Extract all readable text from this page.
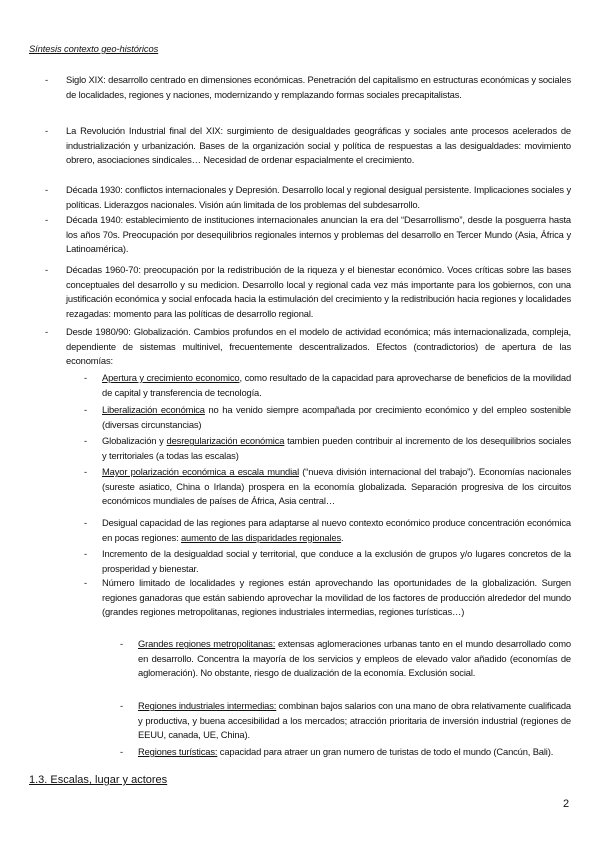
Síntesis contexto geo-históricos
- Siglo XIX: desarrollo centrado en dimensiones económicas. Penetración del capitalismo en estructuras económicas y sociales de localidades, regiones y naciones, modernizando y remplazando formas sociales precapitalistas.
- La Revolución Industrial final del XIX: surgimiento de desigualdades geográficas y sociales ante procesos acelerados de industrialización y urbanización. Bases de la organización social y política de respuestas a las desigualdades: movimiento obrero, asociaciones sindicales… Necesidad de ordenar espacialmente el crecimiento.
- Década 1930: conflictos internacionales y Depresión. Desarrollo local y regional desigual persistente. Implicaciones sociales y políticas. Liderazgos nacionales. Visión aún limitada de los problemas del subdesarrollo.
- Década 1940: establecimiento de instituciones internacionales anuncian la era del “Desarrollismo”, desde la posguerra hasta los años 70s. Preocupación por desequilibrios regionales internos y problemas del desarrollo en Tercer Mundo (Asia, África y Latinoamérica).
- Décadas 1960-70: preocupación por la redistribución de la riqueza y el bienestar económico. Voces críticas sobre las bases conceptuales del desarrollo y su medicion. Desarrollo local y regional cada vez más importante para los gobiernos, con una justificación económica y social enfocada hacia la estimulación del crecimiento y la redistribución hacia regiones y localidades rezagadas: momento para las políticas de desarrollo regional.
- Desde 1980/90: Globalización. Cambios profundos en el modelo de actividad económica; más internacionalizada, compleja, dependiente de sistemas multinivel, frecuentemente descentralizados. Efectos (contradictorios) de apertura de las economías:
- Apertura y crecimiento economico, como resultado de la capacidad para aprovecharse de beneficios de la movilidad de capital y transferencia de tecnología.
- Liberalización económica no ha venido siempre acompañada por crecimiento económico y del empleo sostenible (diversas circunstancias)
- Globalización y desregularización económica tambien pueden contribuir al incremento de los desequilibrios sociales y territoriales (a todas las escalas)
- Mayor polarización económica a escala mundial (“nueva división internacional del trabajo”). Economías nacionales (sureste asiatico, China o Irlanda) prospera en la economía globalizada. Separación progresiva de los circuitos económicos mundiales de países de África, Asia central…
- Desigual capacidad de las regiones para adaptarse al nuevo contexto económico produce concentración económica en pocas regiones: aumento de las disparidades regionales.
- Incremento de la desigualdad social y territorial, que conduce a la exclusión de grupos y/o lugares concretos de la prosperidad y bienestar.
- Número limitado de localidades y regiones están aprovechando las oportunidades de la globalización. Surgen regiones ganadoras que están sabiendo aprovechar la movilidad de los factores de producción alrededor del mundo (grandes regiones metropolitanas, regiones industriales intermedias, regiones turísticas…)
- Grandes regiones metropolitanas: extensas aglomeraciones urbanas tanto en el mundo desarrollado como en desarrollo. Concentra la mayoría de los servicios y empleos de elevado valor añadido (economías de aglomeración). No obstante, riesgo de dualización de la economía. Exclusión social.
- Regiones industriales intermedias: combinan bajos salarios con una mano de obra relativamente cualificada y productiva, y buena accesibilidad a los mercados; atracción prioritaria de inversión industrial (regiones de EEUU, canada, UE, China).
- Regiones turísticas: capacidad para atraer un gran numero de turistas de todo el mundo (Cancún, Bali).
1.3. Escalas, lugar y actores
2
